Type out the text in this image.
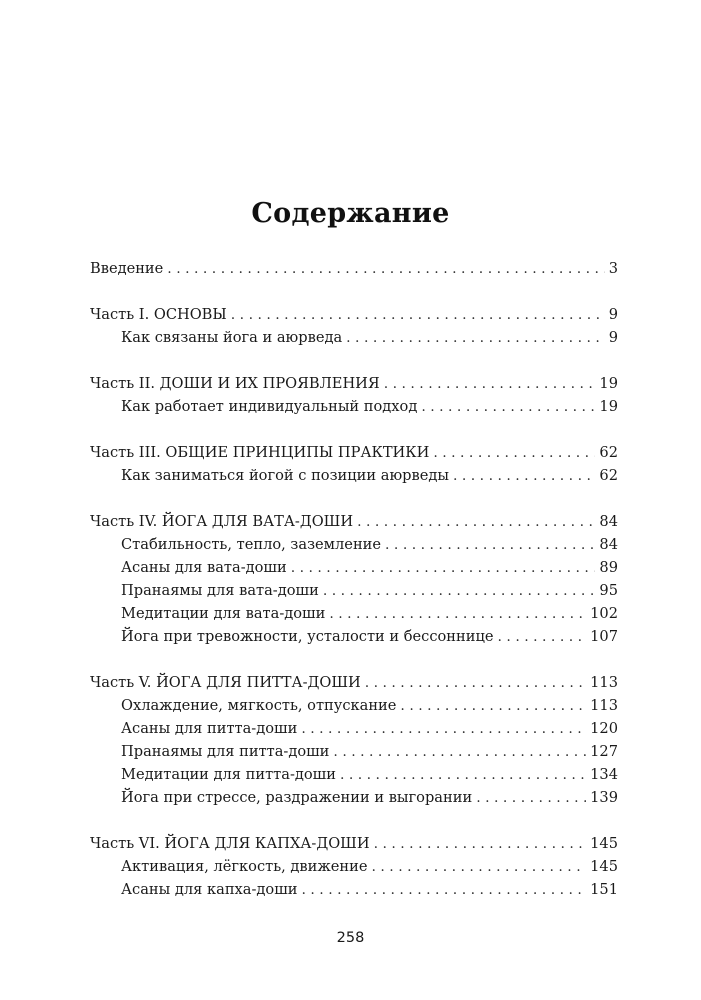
Содержание
Введение . . .	3
Часть I. ОСНОВЫ . . .	9
Как связаны йога и аюрведа . . .	9
Часть II. ДОШИ И ИХ ПРОЯВЛЕНИЯ . . .	19
Как работает индивидуальный подход . . .	19
Часть III. ОБЩИЕ ПРИНЦИПЫ ПРАКТИКИ . . .	62
Как заниматься йогой с позиции аюрведы . . .	62
Часть IV. ЙОГА ДЛЯ ВАТА-ДОШИ . . .	84
Стабильность, тепло, заземление . . .	84
Асаны для вата-доши . . .	89
Пранаямы для вата-доши . . .	95
Медитации для вата-доши . . .	102
Йога при тревожности, усталости и бессоннице . . .	107
Часть V. ЙОГА ДЛЯ ПИТТА-ДОШИ . . .	113
Охлаждение, мягкость, отпускание . . .	113
Асаны для питта-доши . . .	120
Пранаямы для питта-доши . . .	127
Медитации для питта-доши . . .	134
Йога при стрессе, раздражении и выгорании . . .	139
Часть VI. ЙОГА ДЛЯ КАПХА-ДОШИ . . .	145
Активация, лёгкость, движение . . .	145
Асаны для капха-доши . . .	151
258
